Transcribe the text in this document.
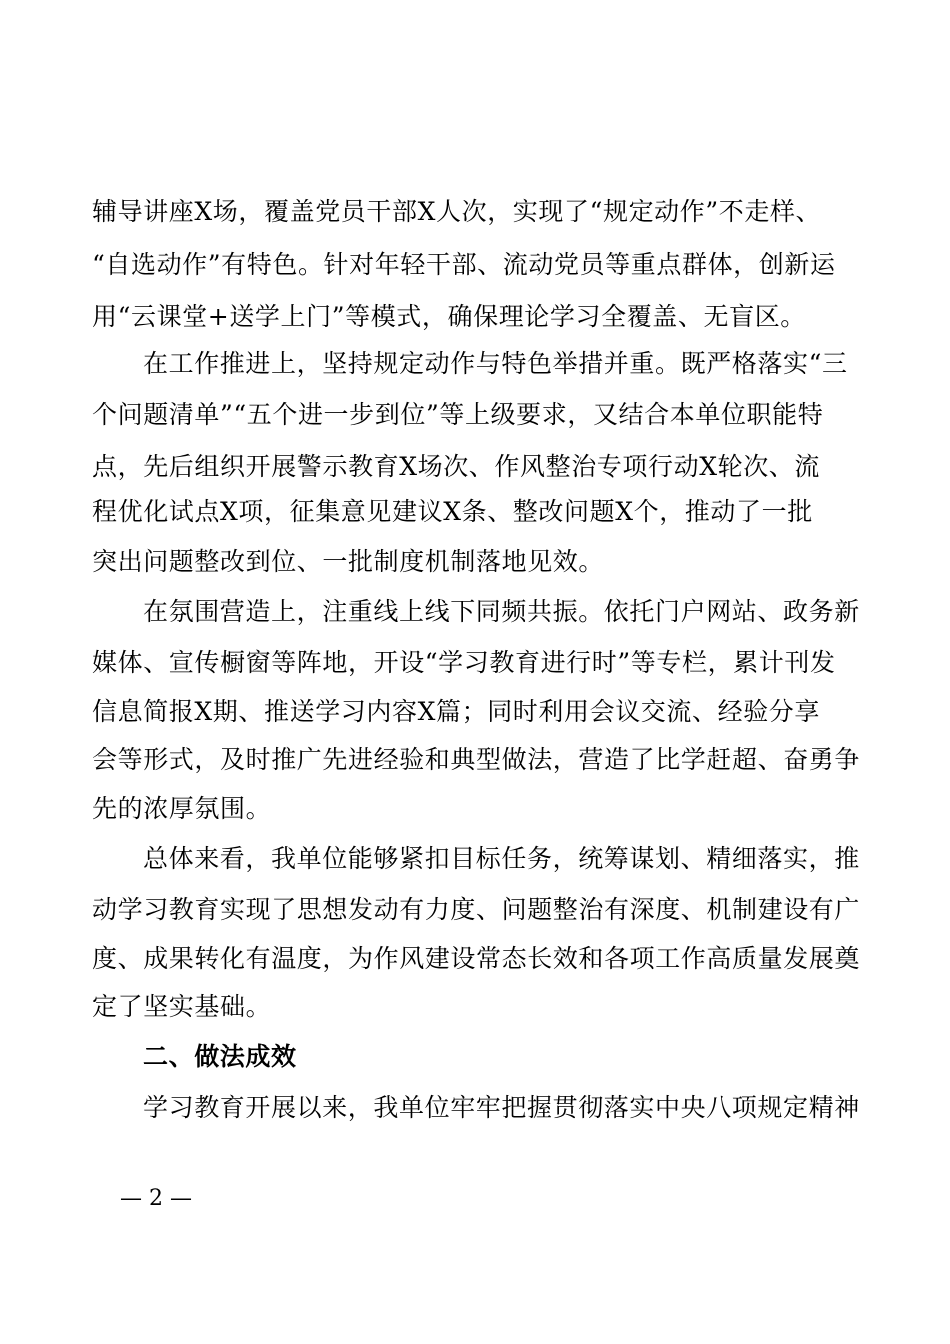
辅导讲座X场，覆盖党员干部X人次，实现了“规定动作”不走样、
“自选动作”有特色。针对年轻干部、流动党员等重点群体，创新运
用“云课堂+送学上门”等模式，确保理论学习全覆盖、无盲区。
在工作推进上，坚持规定动作与特色举措并重。既严格落实“三
个问题清单”“五个进一步到位”等上级要求，又结合本单位职能特
点，先后组织开展警示教育X场次、作风整治专项行动X轮次、流
程优化试点X项，征集意见建议X条、整改问题X个，推动了一批
突出问题整改到位、一批制度机制落地见效。
在氛围营造上，注重线上线下同频共振。依托门户网站、政务新
媒体、宣传橱窗等阵地，开设“学习教育进行时”等专栏，累计刊发
信息简报X期、推送学习内容X篇；同时利用会议交流、经验分享
会等形式，及时推广先进经验和典型做法，营造了比学赶超、奋勇争
先的浓厚氛围。
总体来看，我单位能够紧扣目标任务，统筹谋划、精细落实，推
动学习教育实现了思想发动有力度、问题整治有深度、机制建设有广
度、成果转化有温度，为作风建设常态长效和各项工作高质量发展奠
定了坚实基础。
二、做法成效
学习教育开展以来，我单位牢牢把握贯彻落实中央八项规定精神
— 2 —
